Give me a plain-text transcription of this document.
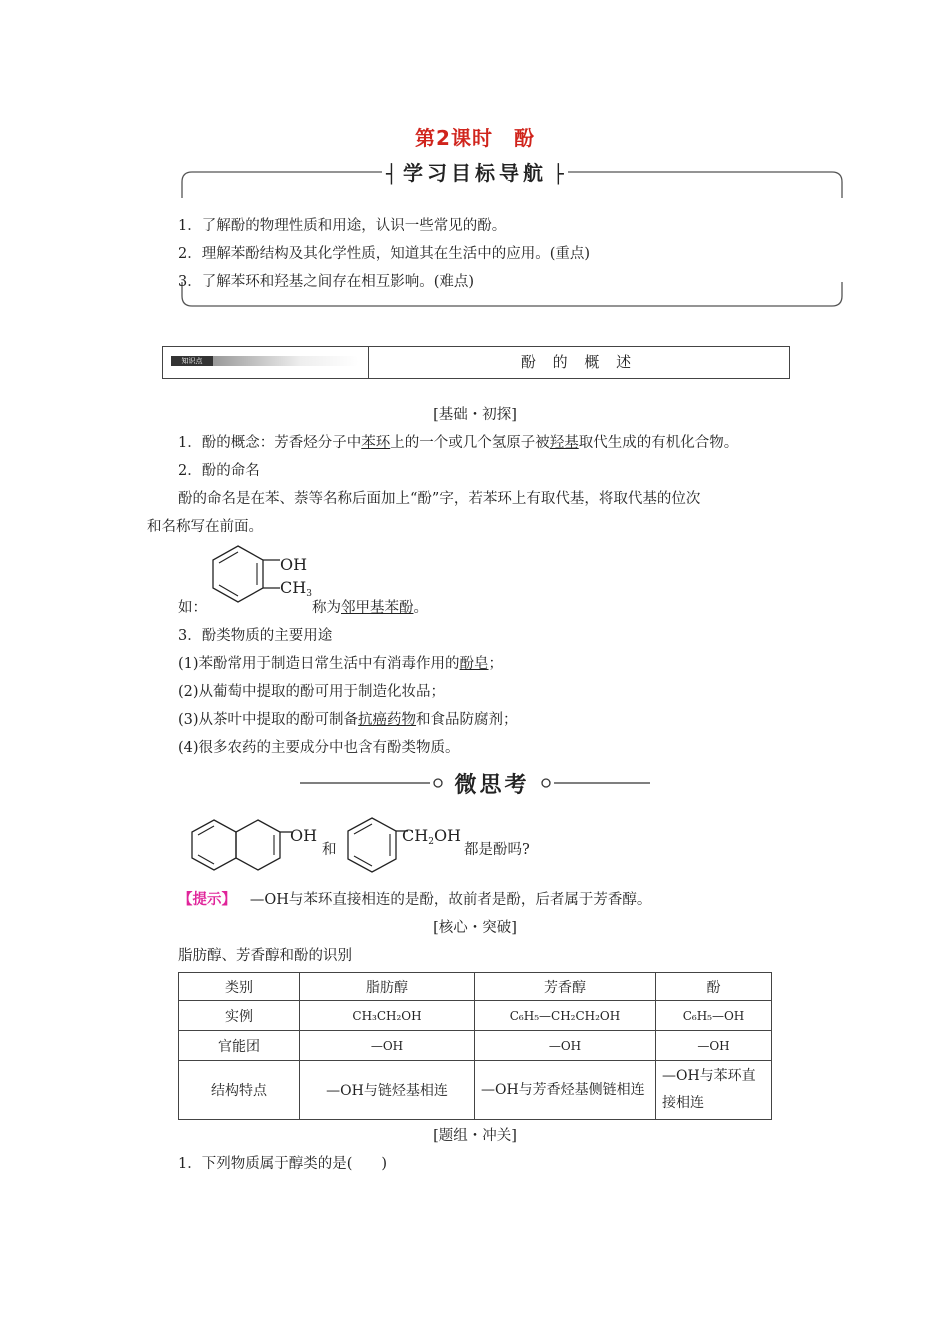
第2课时　酚
┤ 学习目标导航 ├
1．了解酚的物理性质和用途，认识一些常见的酚。
2．理解苯酚结构及其化学性质，知道其在生活中的应用。(重点)
3．了解苯环和羟基之间存在相互影响。(难点)
知识点	酚 的 概 述
[基础・初探]
1．酚的概念：芳香烃分子中苯环上的一个或几个氢原子被羟基取代生成的有机化合物。
2．酚的命名
酚的命名是在苯、萘等名称后面加上“酚”字，若苯环上有取代基，将取代基的位次
和名称写在前面。
如：
OH
$CH_3$
称为邻甲基苯酚。
3．酚类物质的主要用途
(1)苯酚常用于制造日常生活中有消毒作用的酚皂；
(2)从葡萄中提取的酚可用于制造化妆品；
(3)从茶叶中提取的酚可制备抗癌药物和食品防腐剂；
(4)很多农药的主要成分中也含有酚类物质。
微思考
OH
和
$CH_2OH$
都是酚吗?
【提示】 —OH与苯环直接相连的是酚，故前者是酚，后者属于芳香醇。
[核心・突破]
脂肪醇、芳香醇和酚的识别
类别	脂肪醇	芳香醇	酚
实例	CH₃CH₂OH	C₆H₅—CH₂CH₂OH	C₆H₅—OH
官能团	—OH	—OH	—OH
结构特点	—OH与链烃基相连	—OH与芳香烃基侧链相连	—OH与苯环直接相连
[题组・冲关]
1．下列物质属于醇类的是(　　)
